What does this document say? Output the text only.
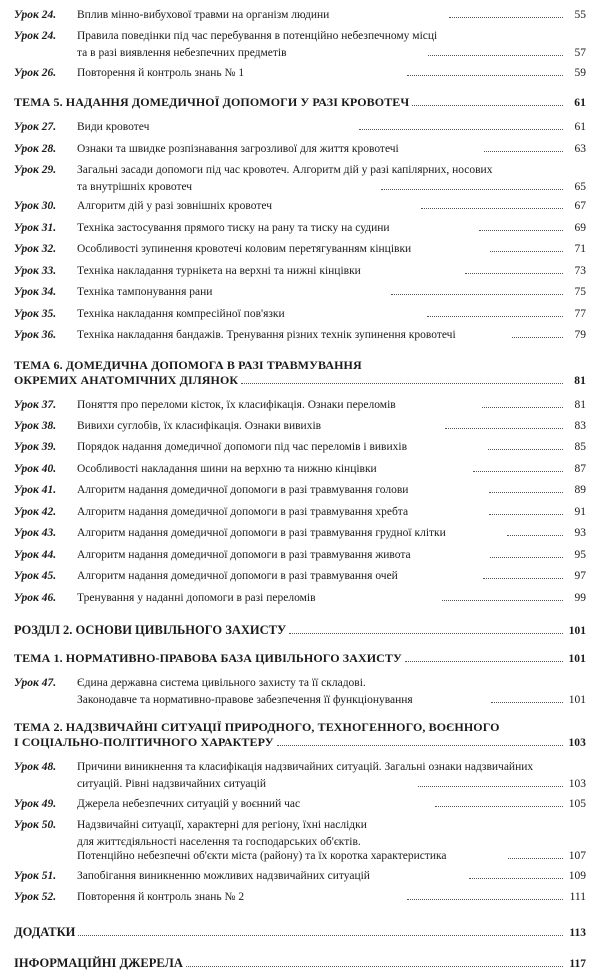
Урок 24.	Вплив мінно-вибухової травми на організм людини	55
Урок 24.	Правила поведінки під час перебування в потенційно небезпечному місці
та в разі виявлення небезпечних предметів	57
Урок 26.	Повторення й контроль знань № 1	59
ТЕМА 5. НАДАННЯ ДОМЕДИЧНОЇ ДОПОМОГИ У РАЗІ КРОВОТЕЧ	61
Урок 27.	Види кровотеч	61
Урок 28.	Ознаки та швидке розпізнавання загрозливої для життя кровотечі	63
Урок 29.	Загальні засади допомоги під час кровотеч. Алгоритм дій у разі капілярних, носових
та внутрішніх кровотеч	65
Урок 30.	Алгоритм дій у разі зовнішніх кровотеч	67
Урок 31.	Техніка застосування прямого тиску на рану та тиску на судини	69
Урок 32.	Особливості зупинення кровотечі коловим перетягуванням кінцівки	71
Урок 33.	Техніка накладання турнікета на верхні та нижні кінцівки	73
Урок 34.	Техніка тампонування рани	75
Урок 35.	Техніка накладання компресійної пов'язки	77
Урок 36.	Техніка накладання бандажів. Тренування різних технік зупинення кровотечі	79
ТЕМА 6. ДОМЕДИЧНА ДОПОМОГА В РАЗІ ТРАВМУВАННЯ
ОКРЕМИХ АНАТОМІЧНИХ ДІЛЯНОК	81
Урок 37.	Поняття про переломи кісток, їх класифікація. Ознаки переломів	81
Урок 38.	Вивихи суглобів, їх класифікація. Ознаки вивихів	83
Урок 39.	Порядок надання домедичної допомоги під час переломів і вивихів	85
Урок 40.	Особливості накладання шини на верхню та нижню кінцівки	87
Урок 41.	Алгоритм надання домедичної допомоги в разі травмування голови	89
Урок 42.	Алгоритм надання домедичної допомоги в разі травмування хребта	91
Урок 43.	Алгоритм надання домедичної допомоги в разі травмування грудної клітки	93
Урок 44.	Алгоритм надання домедичної допомоги в разі травмування живота	95
Урок 45.	Алгоритм надання домедичної допомоги в разі травмування очей	97
Урок 46.	Тренування у наданні допомоги в разі переломів	99
РОЗДІЛ 2. ОСНОВИ ЦИВІЛЬНОГО ЗАХИСТУ	101
ТЕМА 1. НОРМАТИВНО-ПРАВОВА БАЗА ЦИВІЛЬНОГО ЗАХИСТУ	101
Урок 47.	Єдина державна система цивільного захисту та її складові.
Законодавче та нормативно-правове забезпечення її функціонування	101
ТЕМА 2. НАДЗВИЧАЙНІ СИТУАЦІЇ ПРИРОДНОГО, ТЕХНОГЕННОГО, ВОЄННОГО
І СОЦІАЛЬНО-ПОЛІТИЧНОГО ХАРАКТЕРУ	103
Урок 48.	Причини виникнення та класифікація надзвичайних ситуацій. Загальні ознаки надзвичайних
ситуацій. Рівні надзвичайних ситуацій	103
Урок 49.	Джерела небезпечних ситуацій у воєнний час	105
Урок 50.	Надзвичайні ситуації, характерні для регіону, їхні наслідки
для життєдіяльності населення та господарських об'єктів.
Потенційно небезпечні об'єкти міста (району) та їх коротка характеристика	107
Урок 51.	Запобігання виникненню можливих надзвичайних ситуацій	109
Урок 52.	Повторення й контроль знань № 2	111
ДОДАТКИ	113
ІНФОРМАЦІЙНІ ДЖЕРЕЛА	117
